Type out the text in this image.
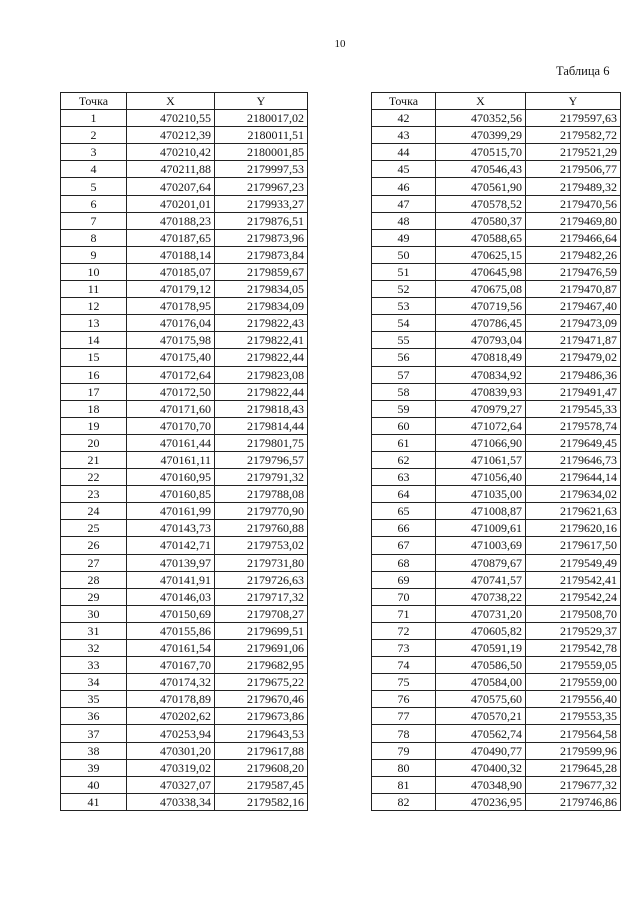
10
Таблица 6
Точка	X	Y
1	470210,55	2180017,02
2	470212,39	2180011,51
3	470210,42	2180001,85
4	470211,88	2179997,53
5	470207,64	2179967,23
6	470201,01	2179933,27
7	470188,23	2179876,51
8	470187,65	2179873,96
9	470188,14	2179873,84
10	470185,07	2179859,67
11	470179,12	2179834,05
12	470178,95	2179834,09
13	470176,04	2179822,43
14	470175,98	2179822,41
15	470175,40	2179822,44
16	470172,64	2179823,08
17	470172,50	2179822,44
18	470171,60	2179818,43
19	470170,70	2179814,44
20	470161,44	2179801,75
21	470161,11	2179796,57
22	470160,95	2179791,32
23	470160,85	2179788,08
24	470161,99	2179770,90
25	470143,73	2179760,88
26	470142,71	2179753,02
27	470139,97	2179731,80
28	470141,91	2179726,63
29	470146,03	2179717,32
30	470150,69	2179708,27
31	470155,86	2179699,51
32	470161,54	2179691,06
33	470167,70	2179682,95
34	470174,32	2179675,22
35	470178,89	2179670,46
36	470202,62	2179673,86
37	470253,94	2179643,53
38	470301,20	2179617,88
39	470319,02	2179608,20
40	470327,07	2179587,45
41	470338,34	2179582,16
Точка	X	Y
42	470352,56	2179597,63
43	470399,29	2179582,72
44	470515,70	2179521,29
45	470546,43	2179506,77
46	470561,90	2179489,32
47	470578,52	2179470,56
48	470580,37	2179469,80
49	470588,65	2179466,64
50	470625,15	2179482,26
51	470645,98	2179476,59
52	470675,08	2179470,87
53	470719,56	2179467,40
54	470786,45	2179473,09
55	470793,04	2179471,87
56	470818,49	2179479,02
57	470834,92	2179486,36
58	470839,93	2179491,47
59	470979,27	2179545,33
60	471072,64	2179578,74
61	471066,90	2179649,45
62	471061,57	2179646,73
63	471056,40	2179644,14
64	471035,00	2179634,02
65	471008,87	2179621,63
66	471009,61	2179620,16
67	471003,69	2179617,50
68	470879,67	2179549,49
69	470741,57	2179542,41
70	470738,22	2179542,24
71	470731,20	2179508,70
72	470605,82	2179529,37
73	470591,19	2179542,78
74	470586,50	2179559,05
75	470584,00	2179559,00
76	470575,60	2179556,40
77	470570,21	2179553,35
78	470562,74	2179564,58
79	470490,77	2179599,96
80	470400,32	2179645,28
81	470348,90	2179677,32
82	470236,95	2179746,86
